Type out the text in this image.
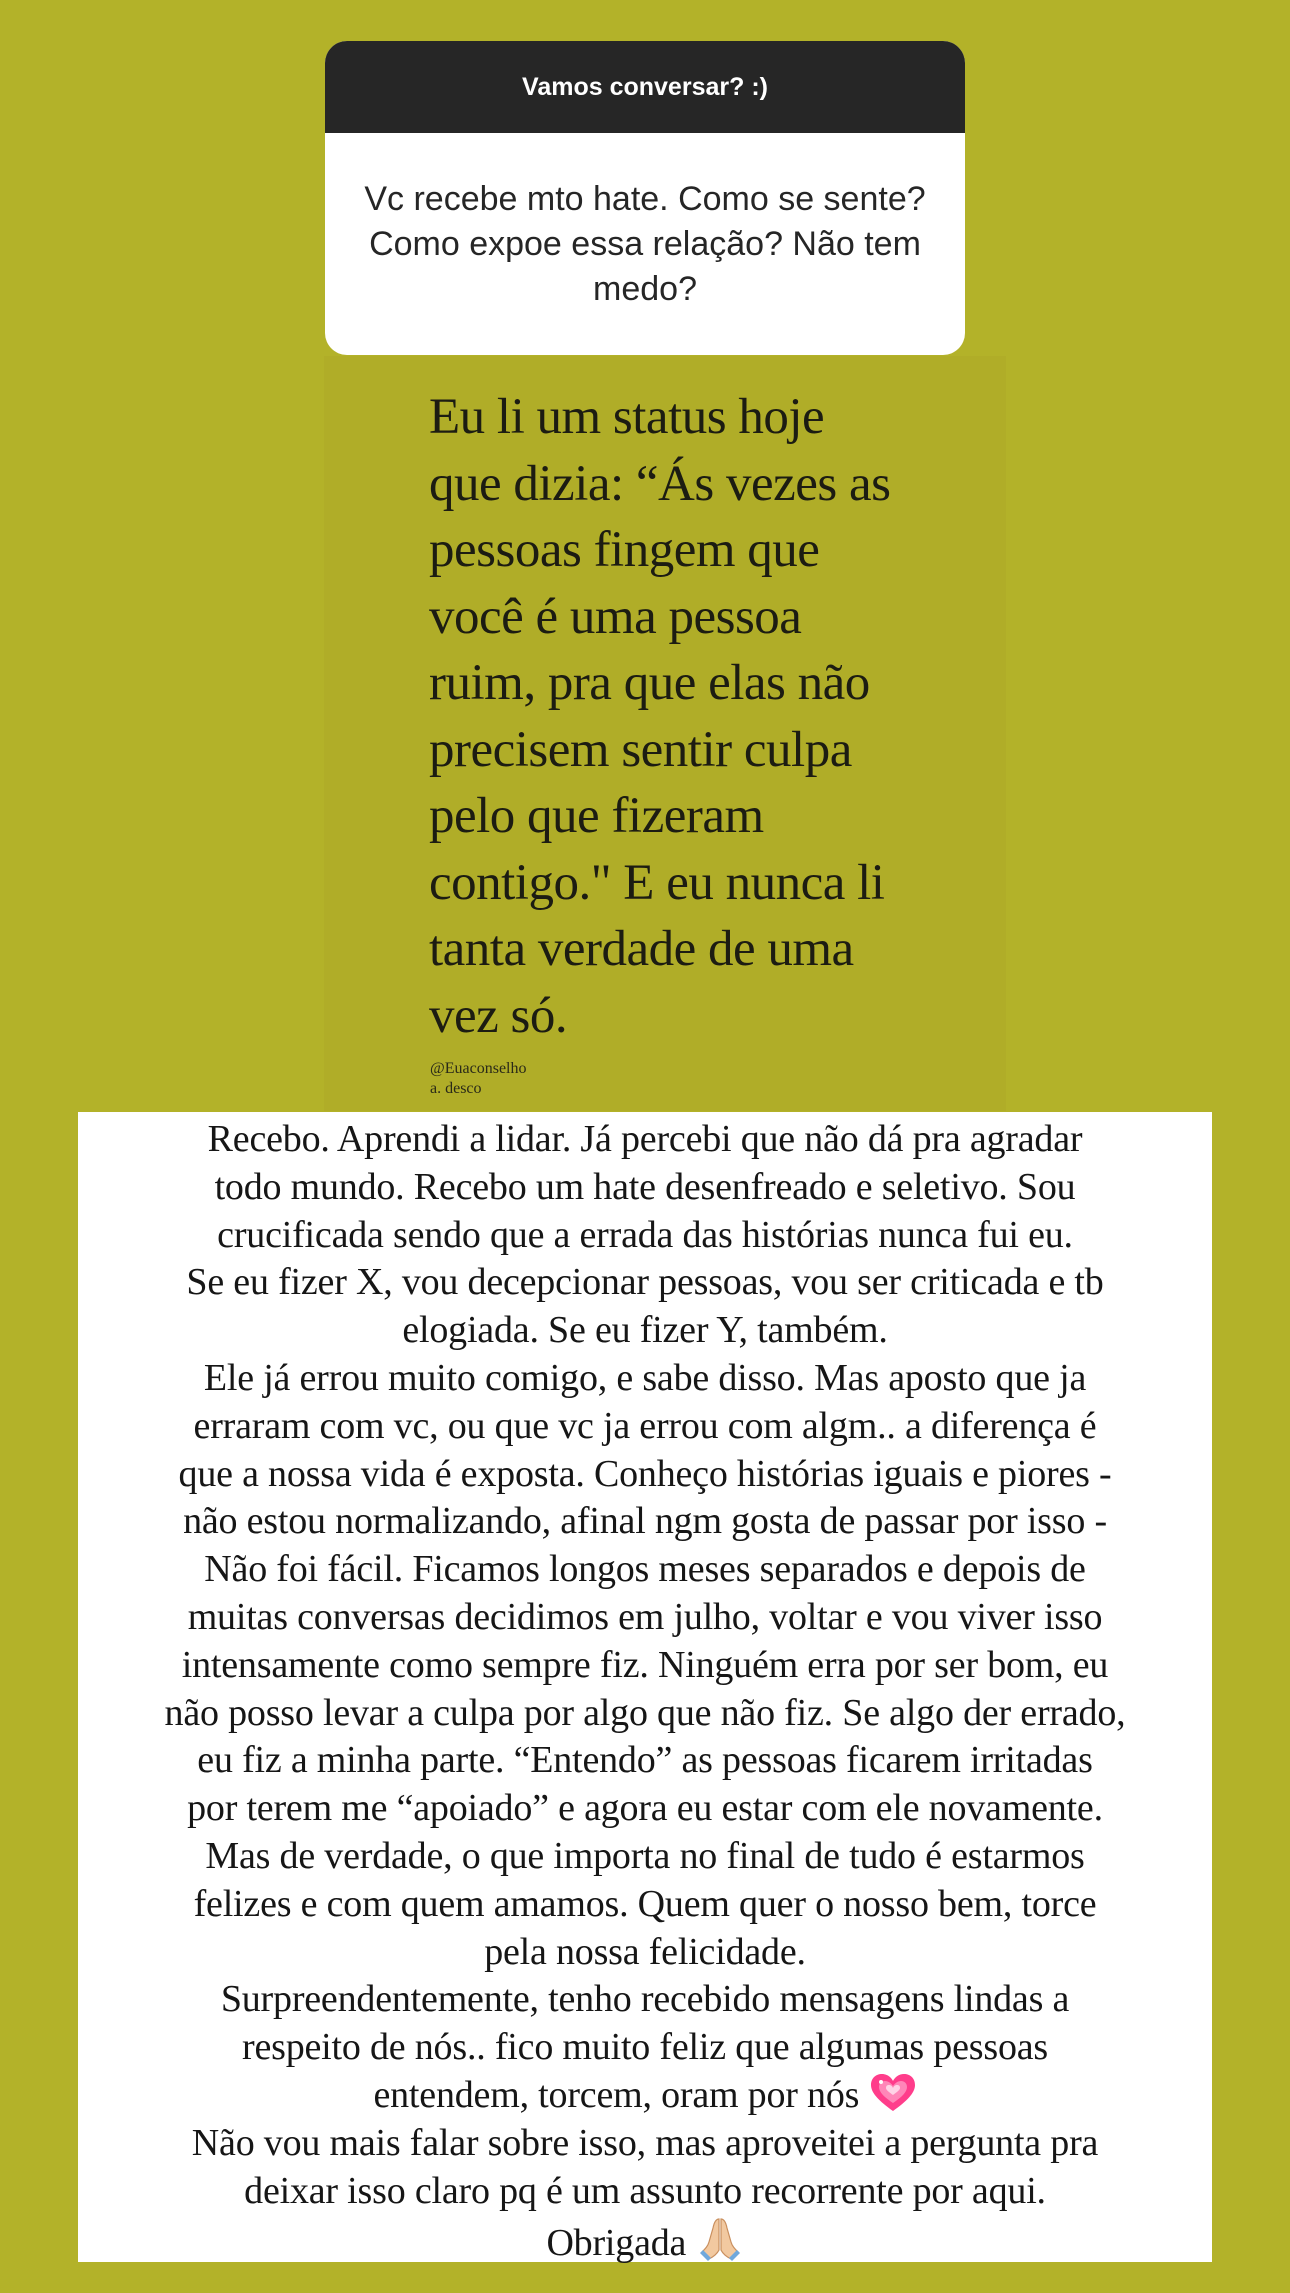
Vamos conversar? :)
Vc recebe mto hate. Como se sente? Como expoe essa relação? Não tem medo?

Eu li um status hoje
que dizia: “Ás vezes as
pessoas fingem que
você é uma pessoa
ruim, pra que elas não
precisem sentir culpa
pelo que fizeram
contigo." E eu nunca li
tanta verdade de uma
vez só.

@Euaconselho
a. desco

Recebo. Aprendi a lidar. Já percebi que não dá pra agradar
todo mundo. Recebo um hate desenfreado e seletivo. Sou
crucificada sendo que a errada das histórias nunca fui eu.
Se eu fizer X, vou decepcionar pessoas, vou ser criticada e tb
elogiada. Se eu fizer Y, também.
Ele já errou muito comigo, e sabe disso. Mas aposto que ja
erraram com vc, ou que vc ja errou com algm.. a diferença é
que a nossa vida é exposta. Conheço histórias iguais e piores -
não estou normalizando, afinal ngm gosta de passar por isso -
Não foi fácil. Ficamos longos meses separados e depois de
muitas conversas decidimos em julho, voltar e vou viver isso
intensamente como sempre fiz. Ninguém erra por ser bom, eu
não posso levar a culpa por algo que não fiz. Se algo der errado,
eu fiz a minha parte. “Entendo” as pessoas ficarem irritadas
por terem me “apoiado” e agora eu estar com ele novamente.
Mas de verdade, o que importa no final de tudo é estarmos
felizes e com quem amamos. Quem quer o nosso bem, torce
pela nossa felicidade.
Surpreendentemente, tenho recebido mensagens lindas a
respeito de nós.. fico muito feliz que algumas pessoas
entendem, torcem, oram por nós
Não vou mais falar sobre isso, mas aproveitei a pergunta pra
deixar isso claro pq é um assunto recorrente por aqui.
Obrigada
